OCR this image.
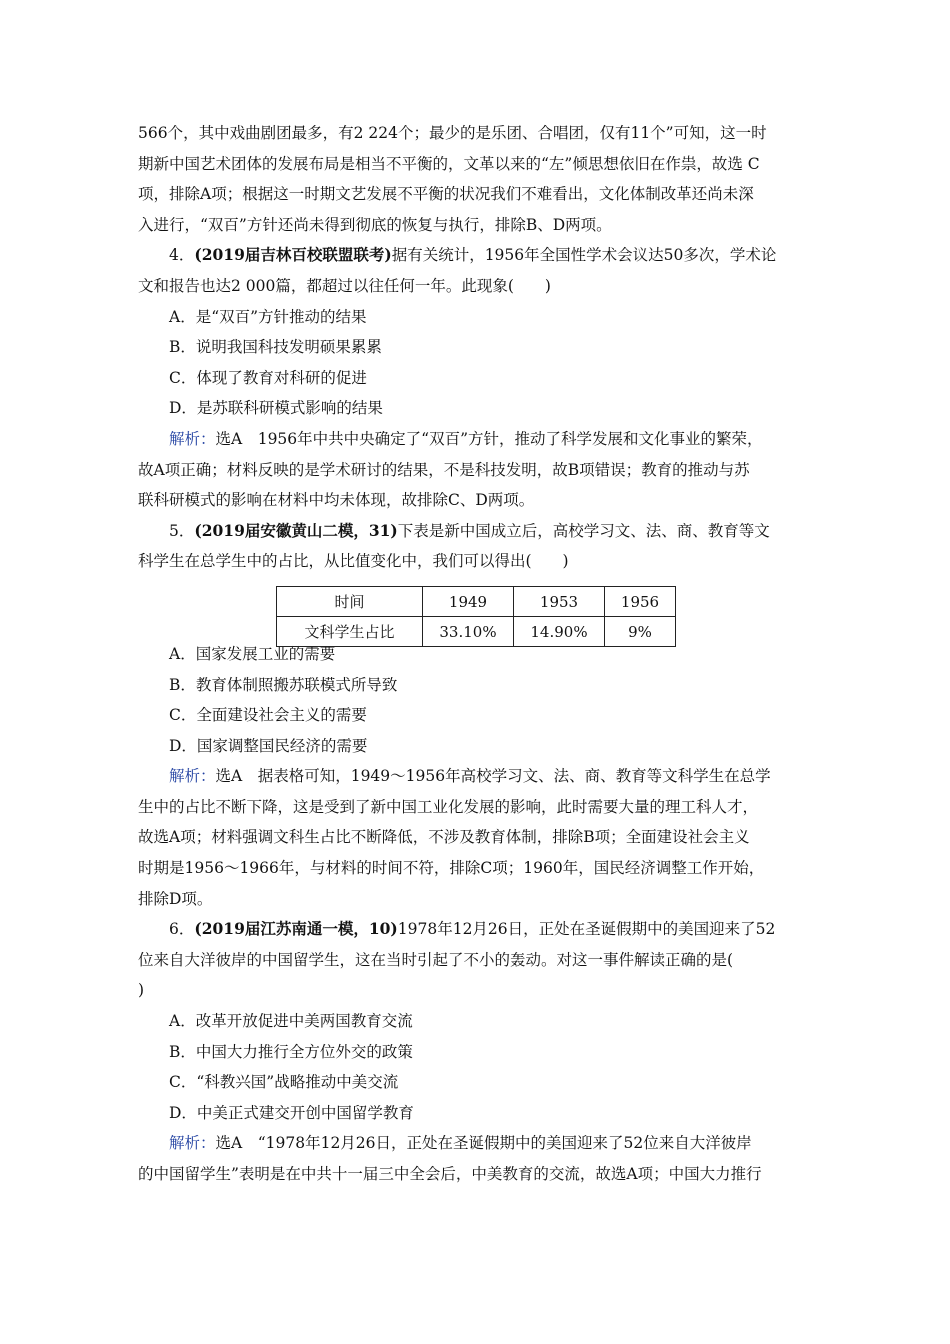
566个，其中戏曲剧团最多，有2 224个；最少的是乐团、合唱团，仅有11个”可知，这一时
期新中国艺术团体的发展布局是相当不平衡的，文革以来的“左”倾思想依旧在作祟，故选 C
项，排除A项；根据这一时期文艺发展不平衡的状况我们不难看出，文化体制改革还尚未深
入进行，“双百”方针还尚未得到彻底的恢复与执行，排除B、D两项。
4．(2019届吉林百校联盟联考)据有关统计，1956年全国性学术会议达50多次，学术论
文和报告也达2 000篇，都超过以往任何一年。此现象(　　)
A．是“双百”方针推动的结果
B．说明我国科技发明硕果累累
C．体现了教育对科研的促进
D．是苏联科研模式影响的结果
解析：选A　1956年中共中央确定了“双百”方针，推动了科学发展和文化事业的繁荣，
故A项正确；材料反映的是学术研讨的结果，不是科技发明，故B项错误；教育的推动与苏
联科研模式的影响在材料中均未体现，故排除C、D两项。
5．(2019届安徽黄山二模，31)下表是新中国成立后，高校学习文、法、商、教育等文
科学生在总学生中的占比，从比值变化中，我们可以得出(　　)
A．国家发展工业的需要
B．教育体制照搬苏联模式所导致
C．全面建设社会主义的需要
D．国家调整国民经济的需要
解析：选A　据表格可知，1949～1956年高校学习文、法、商、教育等文科学生在总学
生中的占比不断下降，这是受到了新中国工业化发展的影响，此时需要大量的理工科人才，
故选A项；材料强调文科生占比不断降低，不涉及教育体制，排除B项；全面建设社会主义
时期是1956～1966年，与材料的时间不符，排除C项；1960年，国民经济调整工作开始，
排除D项。
6．(2019届江苏南通一模，10)1978年12月26日，正处在圣诞假期中的美国迎来了52
位来自大洋彼岸的中国留学生，这在当时引起了不小的轰动。对这一事件解读正确的是(
)
A．改革开放促进中美两国教育交流
B．中国大力推行全方位外交的政策
C．“科教兴国”战略推动中美交流
D．中美正式建交开创中国留学教育
解析：选A　“1978年12月26日，正处在圣诞假期中的美国迎来了52位来自大洋彼岸
的中国留学生”表明是在中共十一届三中全会后，中美教育的交流，故选A项；中国大力推行
时间	1949	1953	1956
文科学生占比	33.10%	14.90%	9%
